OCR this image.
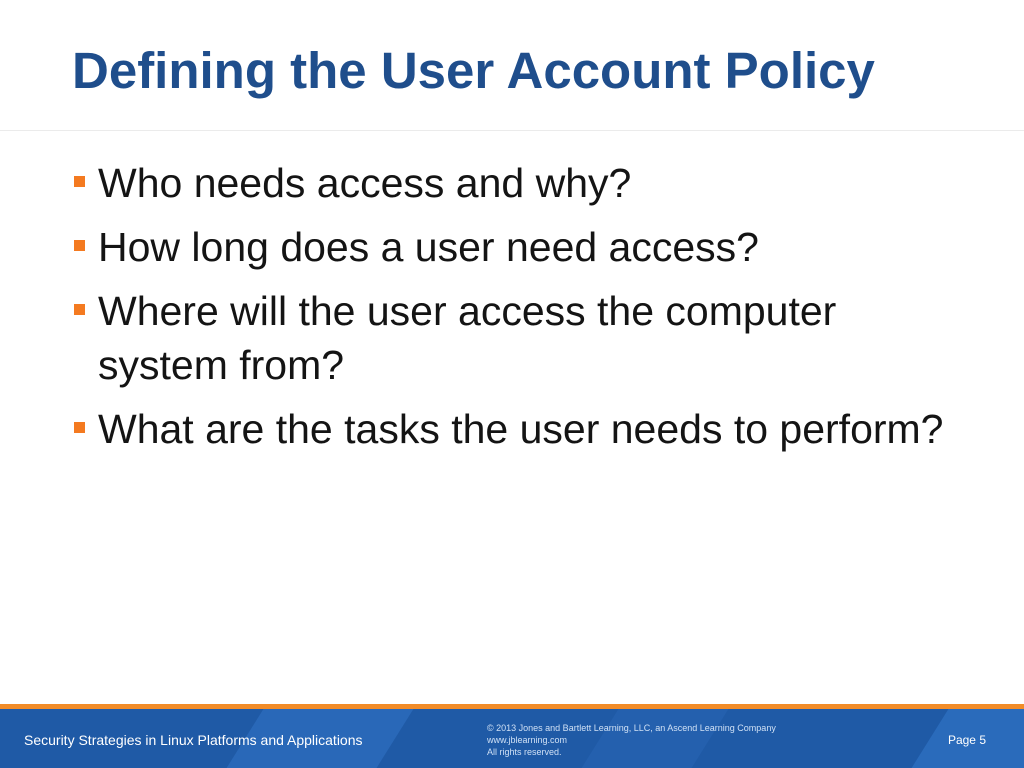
Defining the User Account Policy
Who needs access and why?
How long does a user need access?
Where will the user access the computer system from?
What are the tasks the user needs to perform?
Security Strategies in Linux Platforms and Applications
© 2013 Jones and Bartlett Learning, LLC, an Ascend Learning Company
www.jblearning.com
All rights reserved.
Page 5
